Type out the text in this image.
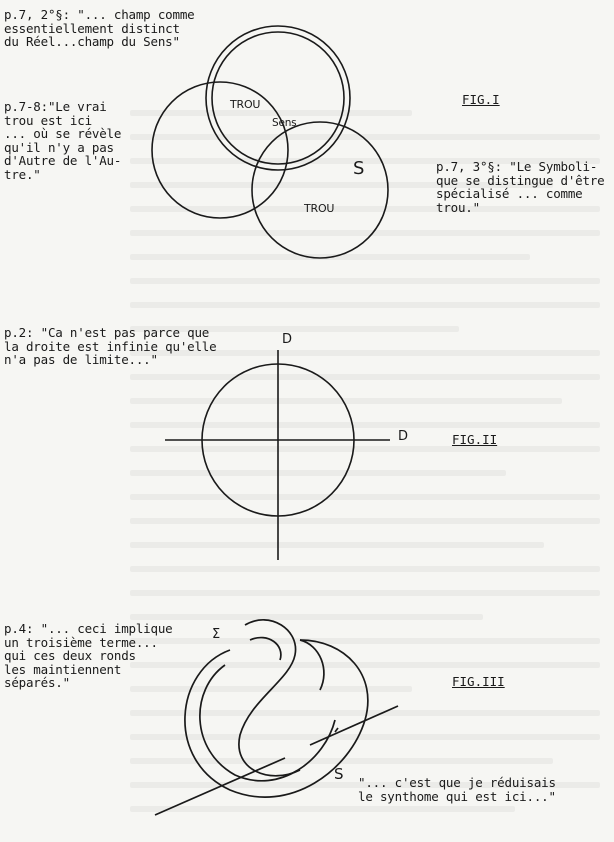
p.7, 2°§: "... champ comme
essentiellement distinct
du Réel...champ du Sens"
p.7-8:"Le vrai
trou est ici
... où se révèle
qu'il n'y a pas
d'Autre de l'Au-
tre."	p.7, 3°§: "Le Symboli-
que se distingue d'être
spécialisé ... comme
trou."
FIG.I
TROU
Sens
S
TROU
p.2: "Ca n'est pas parce que
la droite est infinie qu'elle
n'a pas de limite..."
D
D	FIG.II
p.4: "... ceci implique
un troisième terme...
qui ces deux ronds
les maintiennent
séparés."
Σ
FIG.III
S "... c'est que je réduisais
le synthome qui est ici..."
